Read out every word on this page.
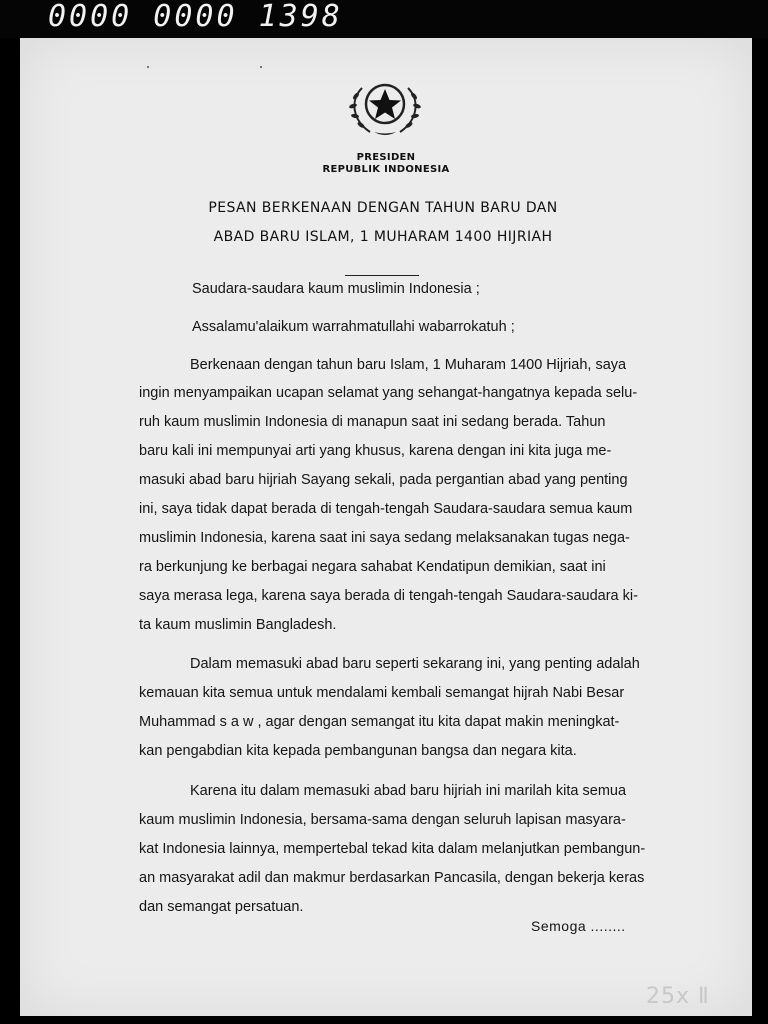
0000 0000 1398
PRESIDEN
REPUBLIK INDONESIA
PESAN BERKENAAN DENGAN TAHUN BARU DAN
ABAD BARU ISLAM, 1 MUHARAM 1400 HIJRIAH
Saudara-saudara kaum muslimin Indonesia ;
Assalamu'alaikum warrahmatullahi wabarrokatuh ;
Berkenaan dengan tahun baru Islam, 1 Muharam 1400 Hijriah, saya
ingin menyampaikan ucapan selamat yang sehangat-hangatnya kepada selu-
ruh kaum muslimin Indonesia di manapun saat ini sedang berada. Tahun
baru kali ini mempunyai arti yang khusus, karena dengan ini kita juga me-
masuki abad baru hijriah Sayang sekali, pada pergantian abad yang penting
ini, saya tidak dapat berada di tengah-tengah Saudara-saudara semua kaum
muslimin Indonesia, karena saat ini saya sedang melaksanakan tugas nega-
ra berkunjung ke berbagai negara sahabat Kendatipun demikian, saat ini
saya merasa lega, karena saya berada di tengah-tengah Saudara-saudara ki-
ta kaum muslimin Bangladesh.
Dalam memasuki abad baru seperti sekarang ini, yang penting adalah
kemauan kita semua untuk mendalami kembali semangat hijrah Nabi Besar
Muhammad s a w , agar dengan semangat itu kita dapat makin meningkat-
kan pengabdian kita kepada pembangunan bangsa dan negara kita.
Karena itu dalam memasuki abad baru hijriah ini marilah kita semua
kaum muslimin Indonesia, bersama-sama dengan seluruh lapisan masyara-
kat Indonesia lainnya, mempertebal tekad kita dalam melanjutkan pembangun-
an masyarakat adil dan makmur berdasarkan Pancasila, dengan bekerja keras
dan semangat persatuan.
Semoga ........
25x Ⅱ
